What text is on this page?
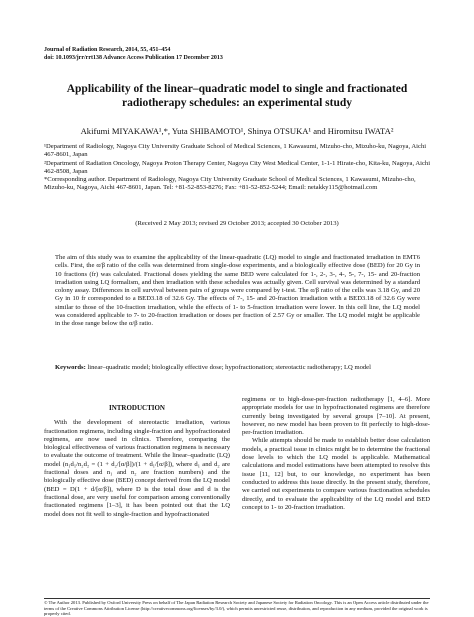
Journal of Radiation Research, 2014, 55, 451–454
doi: 10.1093/jrr/rrt138 Advance Access Publication 17 December 2013
Applicability of the linear–quadratic model to single and fractionated radiotherapy schedules: an experimental study
Akifumi MIYAKAWA¹,*, Yuta SHIBAMOTO¹, Shinya OTSUKA¹ and Hiromitsu IWATA²

¹Department of Radiology, Nagoya City University Graduate School of Medical Sciences, 1 Kawasumi, Mizuho-cho, Mizuho-ku, Nagoya, Aichi 467-8601, Japan

²Department of Radiation Oncology, Nagoya Proton Therapy Center, Nagoya City West Medical Center, 1-1-1 Hirate-cho, Kita-ku, Nagoya, Aichi 462-8508, Japan

*Corresponding author. Department of Radiology, Nagoya City University Graduate School of Medical Sciences, 1 Kawasumi, Mizuho-cho, Mizuho-ku, Nagoya, Aichi 467-8601, Japan. Tel: +81-52-853-8276; Fax: +81-52-852-5244; Email: netakky115@hotmail.com

(Received 2 May 2013; revised 29 October 2013; accepted 30 October 2013)
The aim of this study was to examine the applicability of the linear-quadratic (LQ) model to single and fractionated irradiation in EMT6 cells. First, the α/β ratio of the cells was determined from single-dose experiments, and a biologically effective dose (BED) for 20 Gy in 10 fractions (fr) was calculated. Fractional doses yielding the same BED were calculated for 1-, 2-, 3-, 4-, 5-, 7-, 15- and 20-fraction irradiation using LQ formalism, and then irradiation with these schedules was actually given. Cell survival was determined by a standard colony assay. Differences in cell survival between pairs of groups were compared by t-test. The α/β ratio of the cells was 3.18 Gy, and 20 Gy in 10 fr corresponded to a BED3.18 of 32.6 Gy. The effects of 7-, 15- and 20-fraction irradiation with a BED3.18 of 32.6 Gy were similar to those of the 10-fraction irradiation, while the effects of 1- to 5-fraction irradiation were lower. In this cell line, the LQ model was considered applicable to 7- to 20-fraction irradiation or doses per fraction of 2.57 Gy or smaller. The LQ model might be applicable in the dose range below the α/β ratio.
Keywords: linear–quadratic model; biologically effective dose; hypofractionation; stereotactic radiotherapy; LQ model
INTRODUCTION

With the development of stereotactic irradiation, various fractionation regimens, including single-fraction and hypofractionated regimens, are now used in clinics. Therefore, comparing the biological effectiveness of various fractionation regimens is necessary to evaluate the outcome of treatment. While the linear–quadratic (LQ) model (n₁d₁/n₂d₂ = (1 + d₂/[α/β])/(1 + d₁/[α/β]), where d₁ and d₂ are fractional doses and n₁ and n₂ are fraction numbers) and the biologically effective dose (BED) concept derived from the LQ model (BED = D(1 + d/[α/β]), where D is the total dose and d is the fractional dose, are very useful for comparison among conventionally fractionated regimens [1–3], it has been pointed out that the LQ model does not fit well to single-fraction and hypofractionated

regimens or to high-dose-per-fraction radiotherapy [1, 4–6]. More appropriate models for use in hypofractionated regimens are therefore currently being investigated by several groups [7–10]. At present, however, no new model has been proven to fit perfectly to high-dose-per-fraction irradiation.

While attempts should be made to establish better dose calculation models, a practical issue in clinics might be to determine the fractional dose levels to which the LQ model is applicable. Mathematical calculations and model estimations have been attempted to resolve this issue [11, 12] but, to our knowledge, no experiment has been conducted to address this issue directly. In the present study, therefore, we carried out experiments to compare various fractionation schedules directly, and to evaluate the applicability of the LQ model and BED concept to 1- to 20-fraction irradiation.

© The Author 2013. Published by Oxford University Press on behalf of The Japan Radiation Research Society and Japanese Society for Radiation Oncology. This is an Open Access article distributed under the terms of the Creative Commons Attribution License (http://creativecommons.org/licenses/by/3.0/), which permits unrestricted reuse, distribution, and reproduction in any medium, provided the original work is properly cited.
